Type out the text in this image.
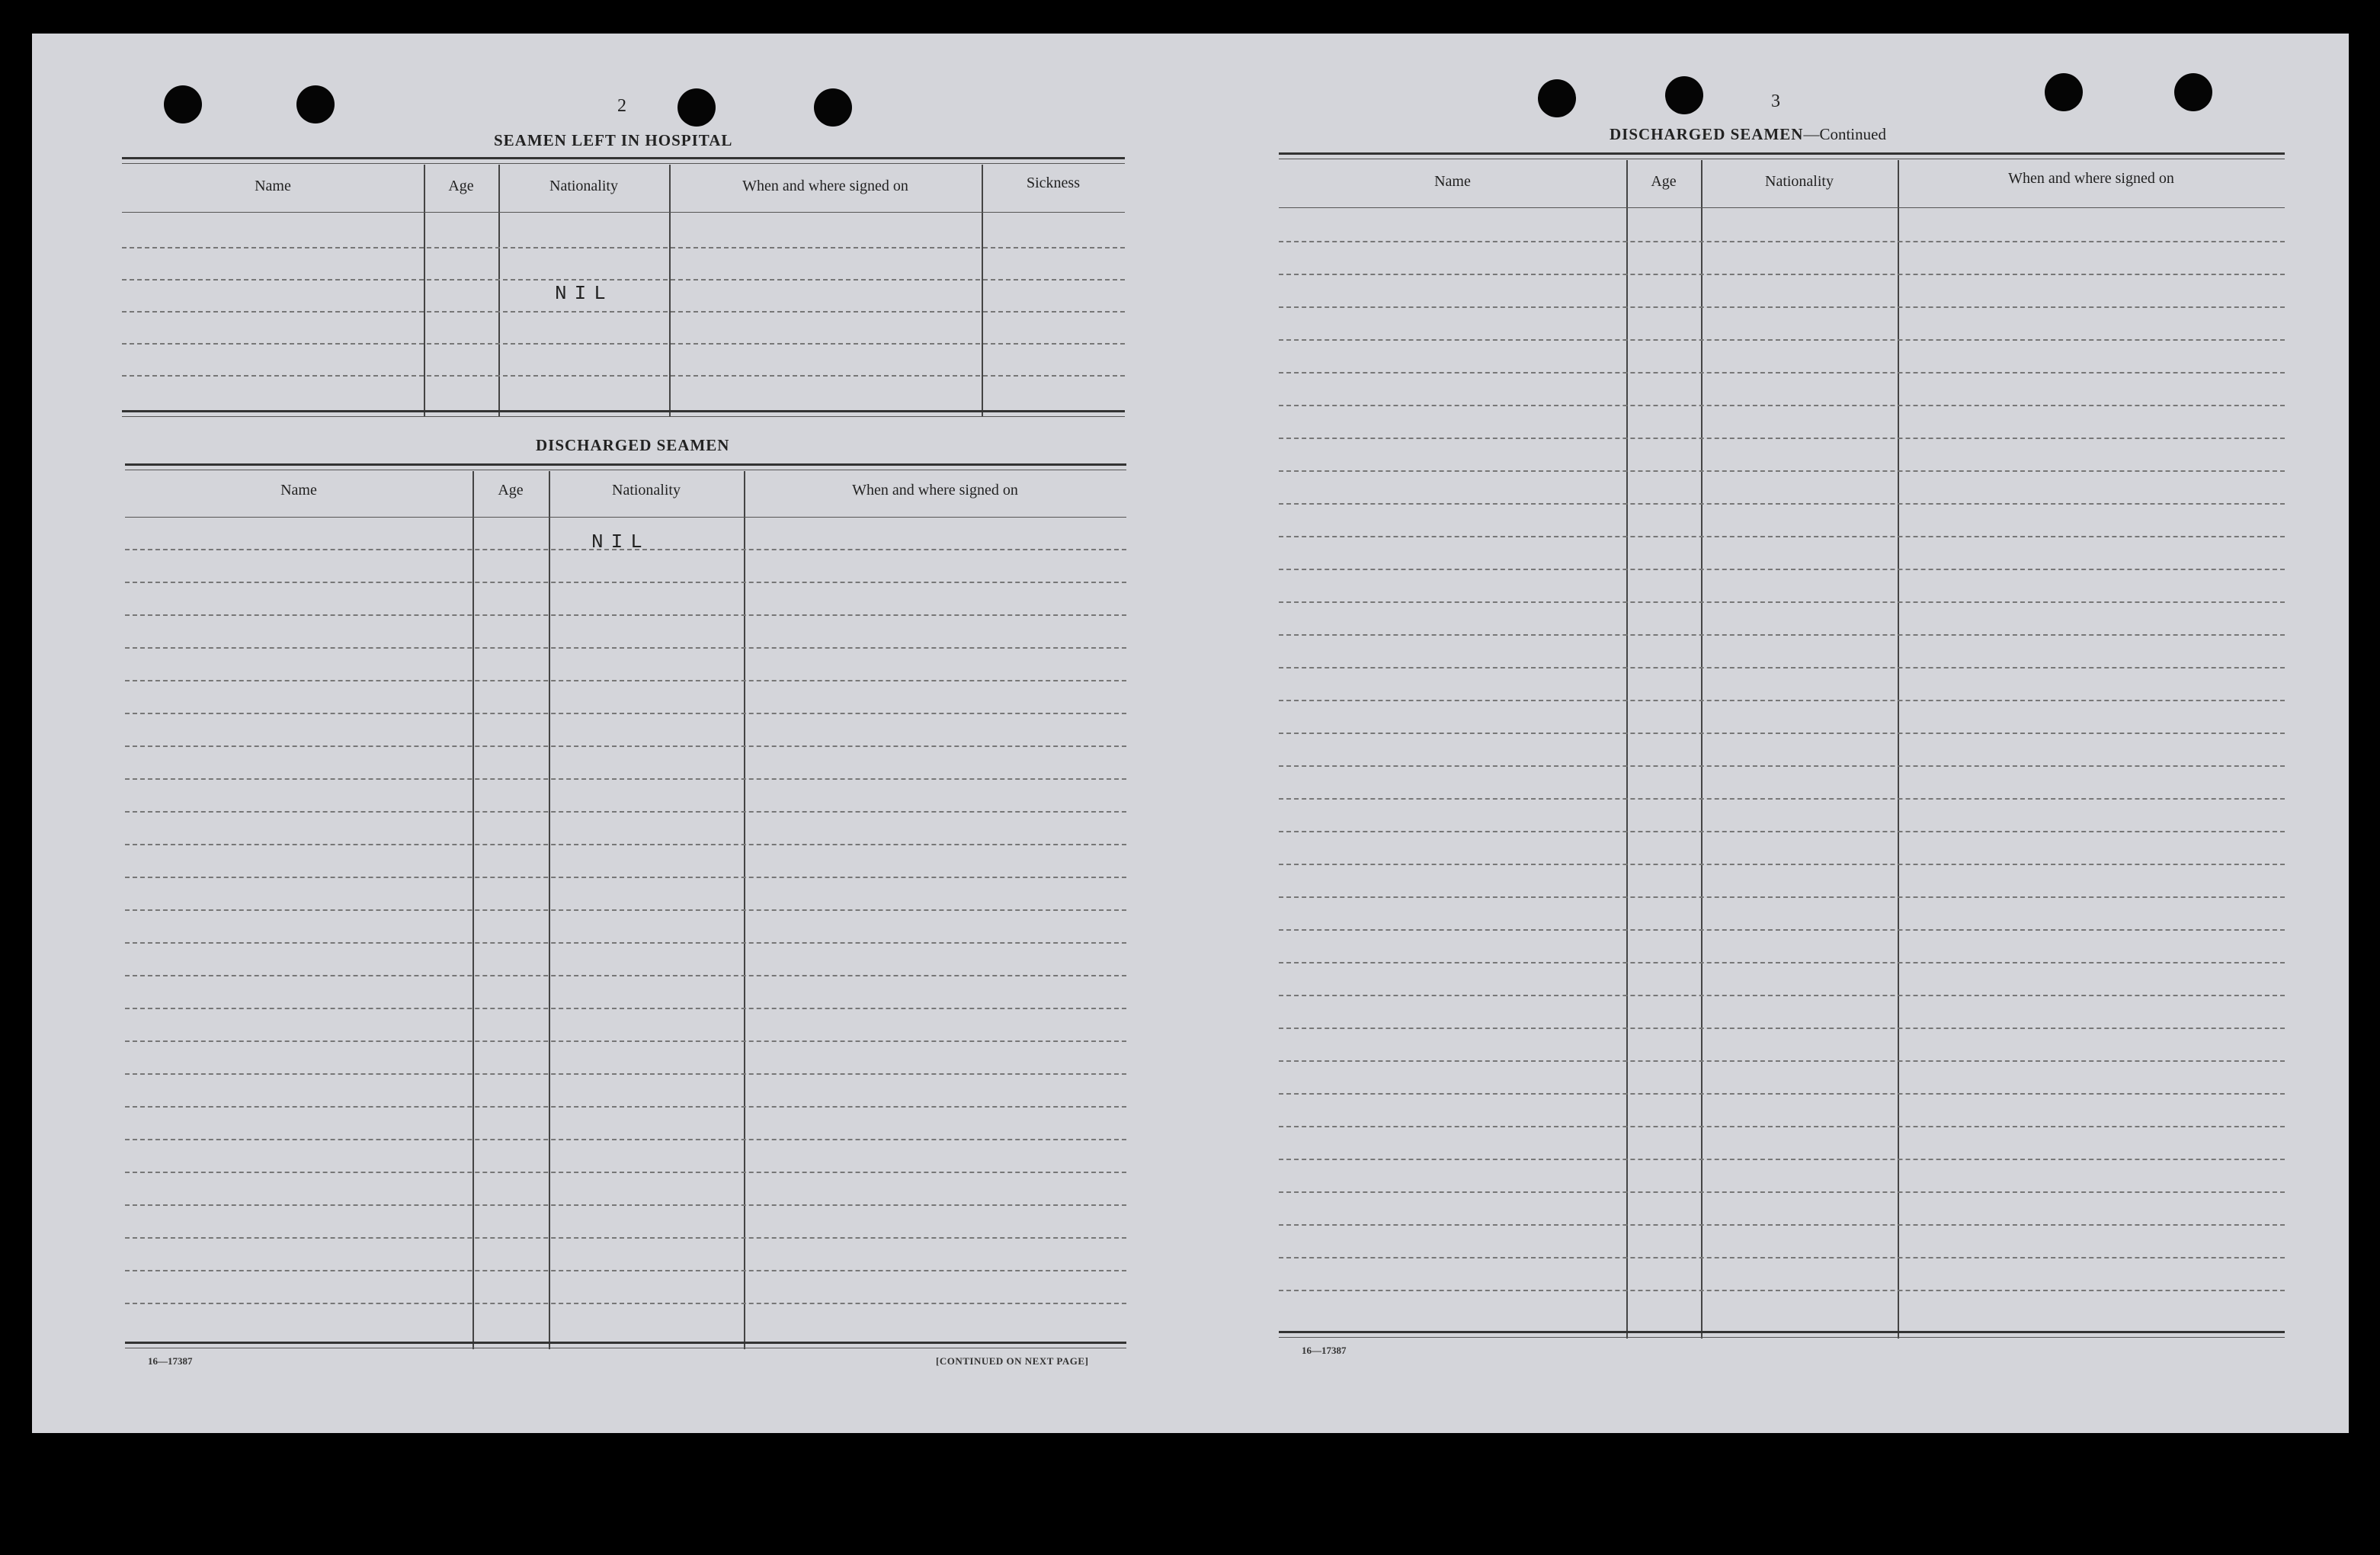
2
SEAMEN LEFT IN HOSPITAL
Name	Age	Nationality	When and where signed on	Sickness
NIL
DISCHARGED SEAMEN
Name	Age	Nationality	When and where signed on
NIL
16—17387	[CONTINUED ON NEXT PAGE]
3
DISCHARGED SEAMEN—Continued
Name	Age	Nationality	When and where signed on
16—17387
